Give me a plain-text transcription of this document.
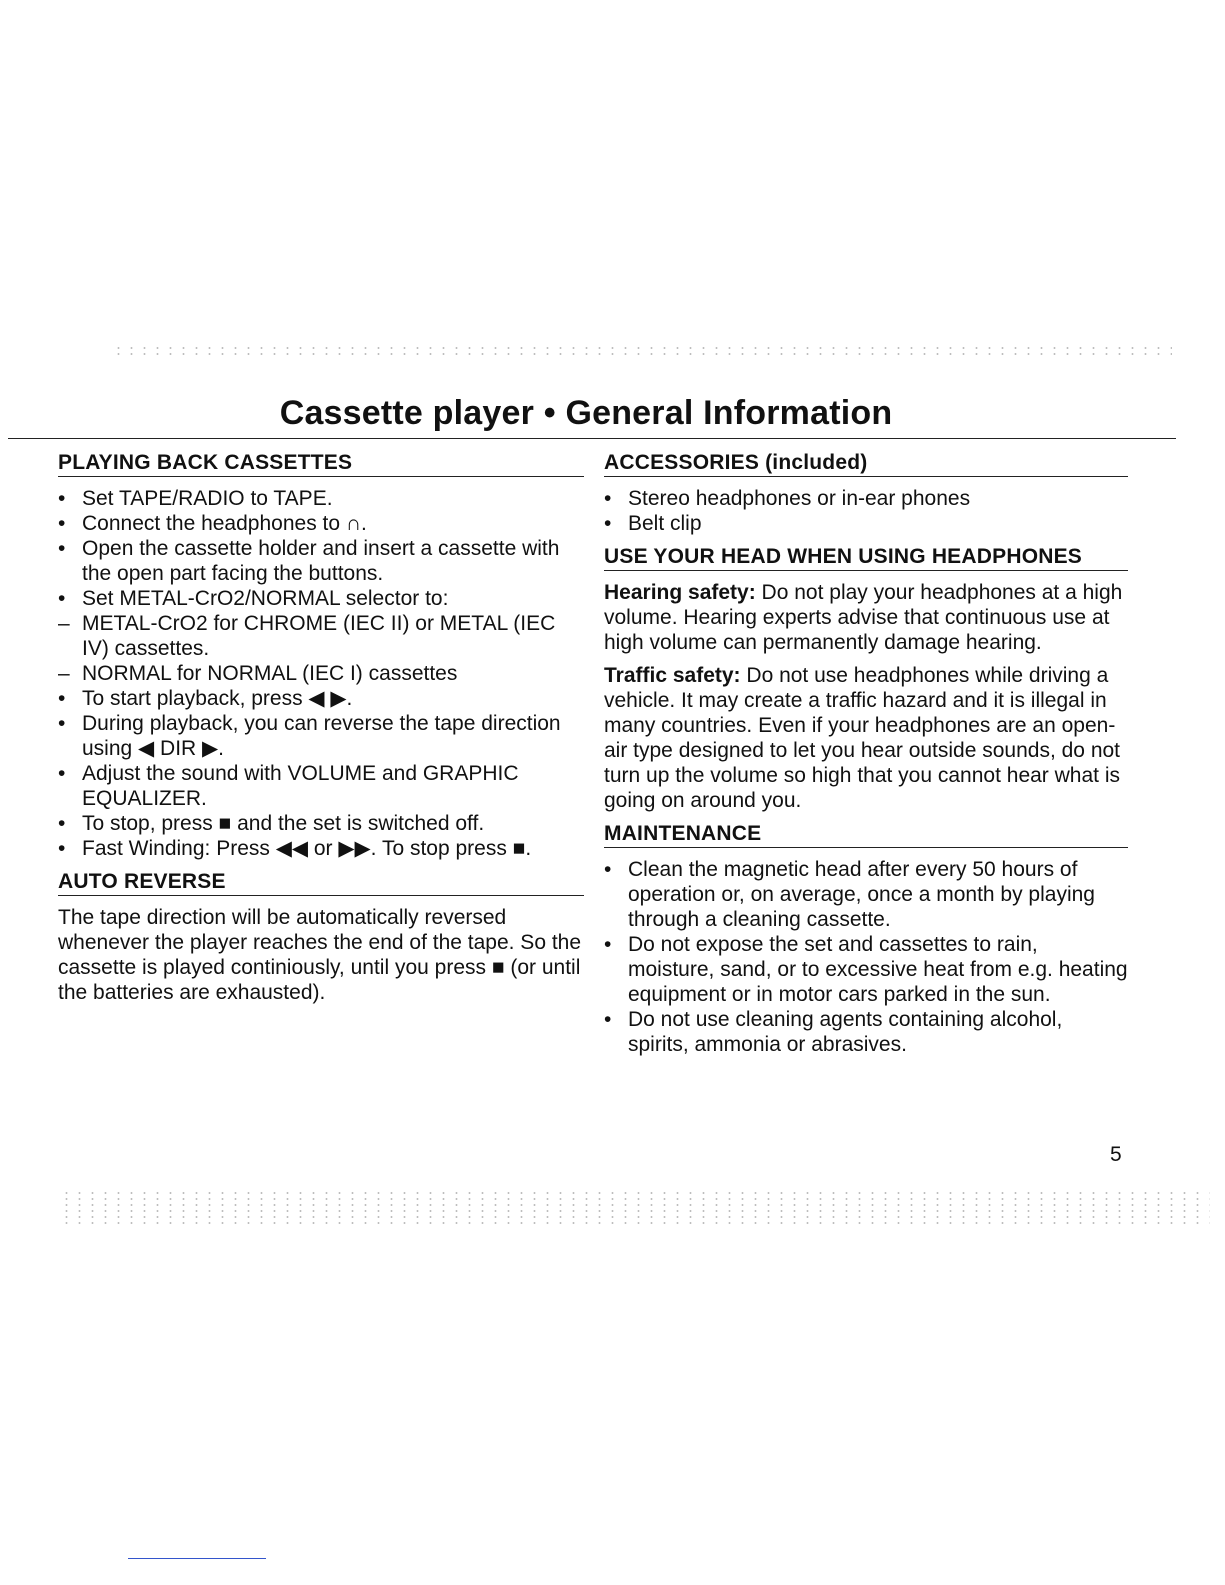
Cassette player • General Information
PLAYING BACK CASSETTES
• Set TAPE/RADIO to TAPE.
• Connect the headphones to ∩.
• Open the cassette holder and insert a cassette with the open part facing the buttons.
• Set METAL-CrO2/NORMAL selector to:
– METAL-CrO2 for CHROME (IEC II) or METAL (IEC IV) cassettes.
– NORMAL for NORMAL (IEC I) cassettes
• To start playback, press ◀ ▶.
• During playback, you can reverse the tape direction using ◀ DIR ▶.
• Adjust the sound with VOLUME and GRAPHIC EQUALIZER.
• To stop, press ■ and the set is switched off.
• Fast Winding: Press ◀◀ or ▶▶. To stop press ■.
AUTO REVERSE

The tape direction will be automatically reversed whenever the player reaches the end of the tape. So the cassette is played continiously, until you press ■ (or until the batteries are exhausted).

ACCESSORIES (included)
• Stereo headphones or in-ear phones
• Belt clip
USE YOUR HEAD WHEN USING HEADPHONES

Hearing safety: Do not play your headphones at a high volume. Hearing experts advise that continuous use at high volume can permanently damage hearing.

Traffic safety: Do not use headphones while driving a vehicle. It may create a traffic hazard and it is illegal in many countries. Even if your headphones are an open-air type designed to let you hear outside sounds, do not turn up the volume so high that you cannot hear what is going on around you.

MAINTENANCE
• Clean the magnetic head after every 50 hours of operation or, on average, once a month by playing through a cleaning cassette.
• Do not expose the set and cassettes to rain, moisture, sand, or to excessive heat from e.g. heating equipment or in motor cars parked in the sun.
• Do not use cleaning agents containing alcohol, spirits, ammonia or abrasives.
5
